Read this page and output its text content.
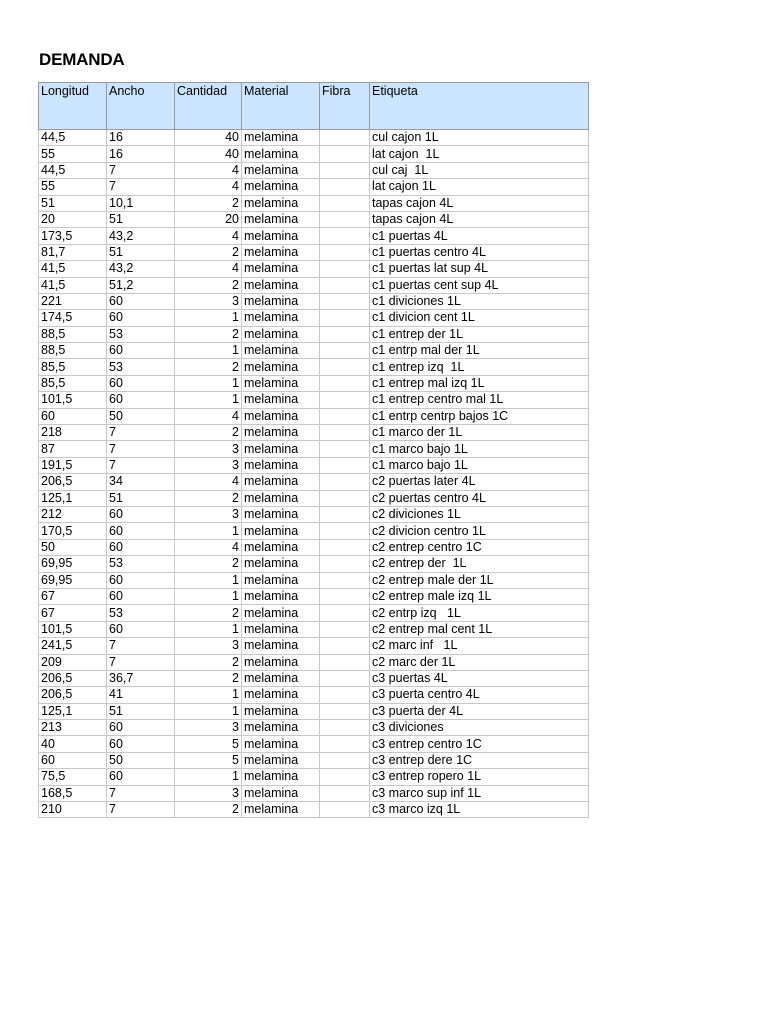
DEMANDA
Longitud	Ancho	Cantidad	Material	Fibra	Etiqueta
44,5	16	40	melamina		cul cajon 1L
55	16	40	melamina		lat cajon  1L
44,5	7	4	melamina		cul caj  1L
55	7	4	melamina		lat cajon 1L
51	10,1	2	melamina		tapas cajon 4L
20	51	20	melamina		tapas cajon 4L
173,5	43,2	4	melamina		c1 puertas 4L
81,7	51	2	melamina		c1 puertas centro 4L
41,5	43,2	4	melamina		c1 puertas lat sup 4L
41,5	51,2	2	melamina		c1 puertas cent sup 4L
221	60	3	melamina		c1 diviciones 1L
174,5	60	1	melamina		c1 divicion cent 1L
88,5	53	2	melamina		c1 entrep der 1L
88,5	60	1	melamina		c1 entrp mal der 1L
85,5	53	2	melamina		c1 entrep izq  1L
85,5	60	1	melamina		c1 entrep mal izq 1L
101,5	60	1	melamina		c1 entrep centro mal 1L
60	50	4	melamina		c1 entrp centrp bajos 1C
218	7	2	melamina		c1 marco der 1L
87	7	3	melamina		c1 marco bajo 1L
191,5	7	3	melamina		c1 marco bajo 1L
206,5	34	4	melamina		c2 puertas later 4L
125,1	51	2	melamina		c2 puertas centro 4L
212	60	3	melamina		c2 diviciones 1L
170,5	60	1	melamina		c2 divicion centro 1L
50	60	4	melamina		c2 entrep centro 1C
69,95	53	2	melamina		c2 entrep der  1L
69,95	60	1	melamina		c2 entrep male der 1L
67	60	1	melamina		c2 entrep male izq 1L
67	53	2	melamina		c2 entrp izq   1L
101,5	60	1	melamina		c2 entrep mal cent 1L
241,5	7	3	melamina		c2 marc inf   1L
209	7	2	melamina		c2 marc der 1L
206,5	36,7	2	melamina		c3 puertas 4L
206,5	41	1	melamina		c3 puerta centro 4L
125,1	51	1	melamina		c3 puerta der 4L
213	60	3	melamina		c3 diviciones
40	60	5	melamina		c3 entrep centro 1C
60	50	5	melamina		c3 entrep dere 1C
75,5	60	1	melamina		c3 entrep ropero 1L
168,5	7	3	melamina		c3 marco sup inf 1L
210	7	2	melamina		c3 marco izq 1L
